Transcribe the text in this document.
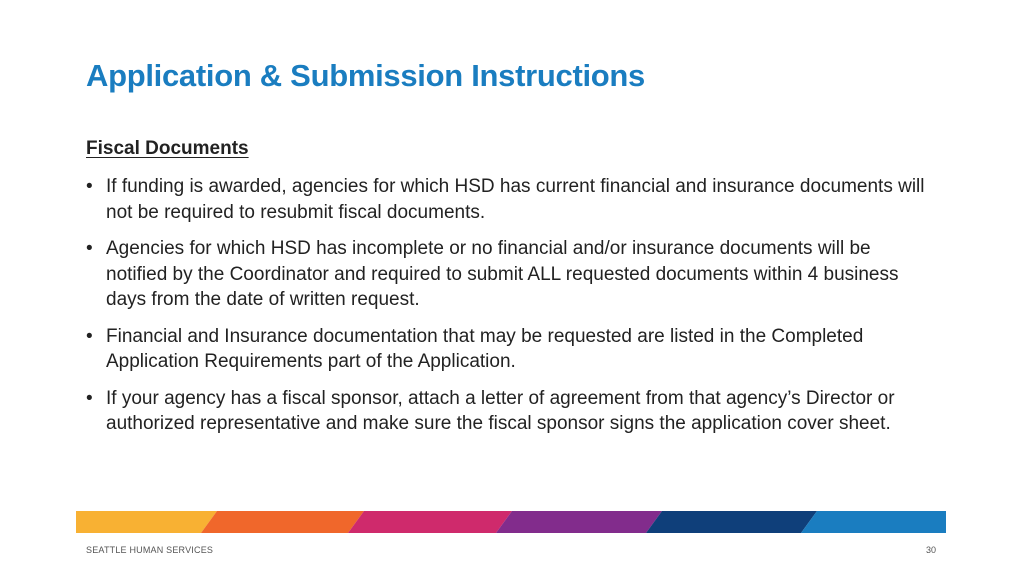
Application & Submission Instructions
Fiscal Documents
• If funding is awarded, agencies for which HSD has current financial and insurance documents will not be required to resubmit fiscal documents.
• Agencies for which HSD has incomplete or no financial and/or insurance documents will be notified by the Coordinator and required to submit ALL requested documents within 4 business days from the date of written request.
• Financial and Insurance documentation that may be requested are listed in the Completed Application Requirements part of the Application.
• If your agency has a fiscal sponsor, attach a letter of agreement from that agency’s Director or authorized representative and make sure the fiscal sponsor signs the application cover sheet.
SEATTLE HUMAN SERVICES	30
